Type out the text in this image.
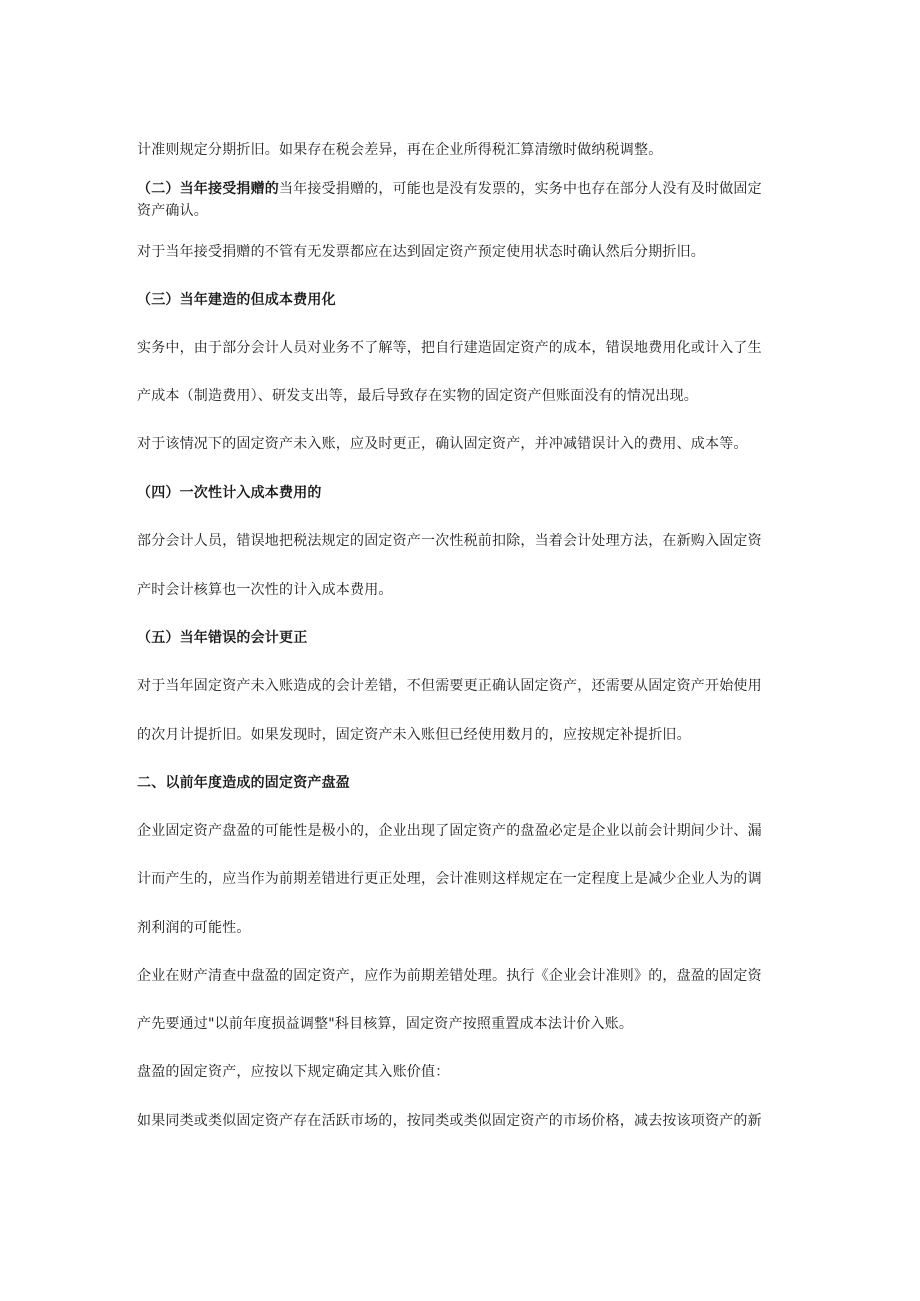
计准则规定分期折旧。如果存在税会差异，再在企业所得税汇算清缴时做纳税调整。
（二）当年接受捐赠的当年接受捐赠的，可能也是没有发票的，实务中也存在部分人没有及时做固定
资产确认。
对于当年接受捐赠的不管有无发票都应在达到固定资产预定使用状态时确认然后分期折旧。
（三）当年建造的但成本费用化
实务中，由于部分会计人员对业务不了解等，把自行建造固定资产的成本，错误地费用化或计入了生
产成本（制造费用）、研发支出等，最后导致存在实物的固定资产但账面没有的情况出现。
对于该情况下的固定资产未入账，应及时更正，确认固定资产，并冲减错误计入的费用、成本等。
（四）一次性计入成本费用的
部分会计人员，错误地把税法规定的固定资产一次性税前扣除，当着会计处理方法，在新购入固定资
产时会计核算也一次性的计入成本费用。
（五）当年错误的会计更正
对于当年固定资产未入账造成的会计差错，不但需要更正确认固定资产，还需要从固定资产开始使用
的次月计提折旧。如果发现时，固定资产未入账但已经使用数月的，应按规定补提折旧。
二、以前年度造成的固定资产盘盈
企业固定资产盘盈的可能性是极小的，企业出现了固定资产的盘盈必定是企业以前会计期间少计、漏
计而产生的，应当作为前期差错进行更正处理，会计准则这样规定在一定程度上是减少企业人为的调
剂利润的可能性。
企业在财产清查中盘盈的固定资产，应作为前期差错处理。执行《企业会计准则》的，盘盈的固定资
产先要通过"以前年度损益调整"科目核算，固定资产按照重置成本法计价入账。
盘盈的固定资产，应按以下规定确定其入账价值：
如果同类或类似固定资产存在活跃市场的，按同类或类似固定资产的市场价格，减去按该项资产的新
